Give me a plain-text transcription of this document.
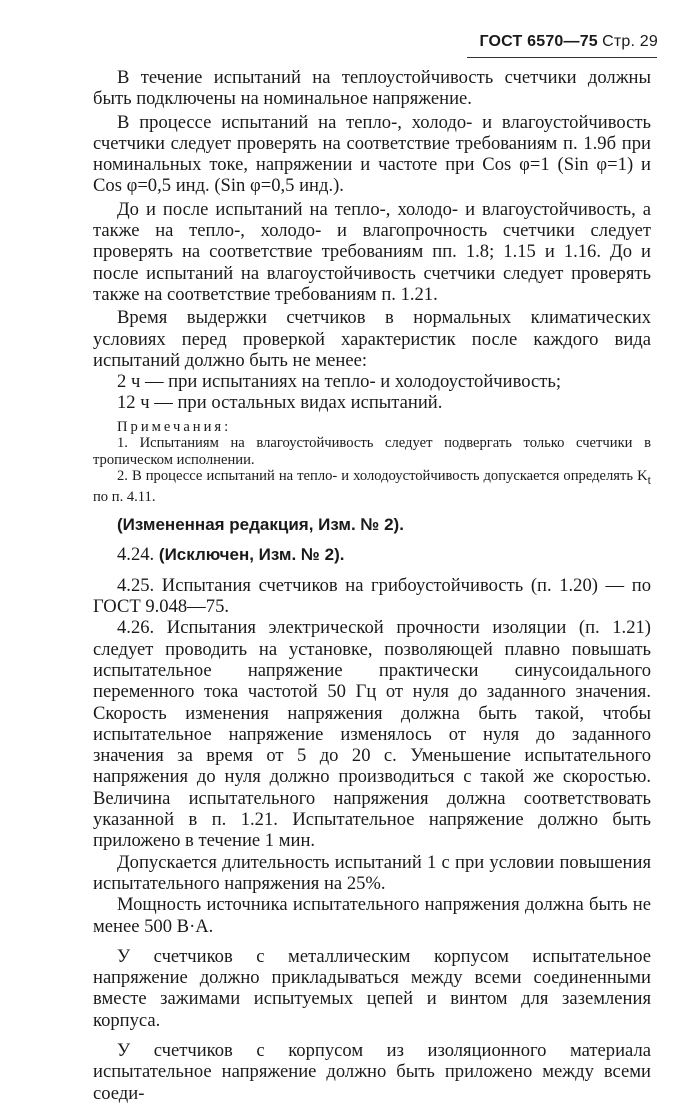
ГОСТ 6570—75 Стр. 29

В течение испытаний на теплоустойчивость счетчики должны быть подключены на номинальное напряжение.

В процессе испытаний на тепло-, холодо- и влагоустойчивость счетчики следует проверять на соответствие требованиям п. 1.9б при номинальных токе, напряжении и частоте при Cos φ=1 (Sin φ=1) и Cos φ=0,5 инд. (Sin φ=0,5 инд.).

До и после испытаний на тепло-, холодо- и влагоустойчивость, а также на тепло-, холодо- и влагопрочность счетчики следует проверять на соответствие требованиям пп. 1.8; 1.15 и 1.16. До и после испытаний на влагоустойчивость счетчики следует проверять также на соответствие требованиям п. 1.21.

Время выдержки счетчиков в нормальных климатических условиях перед проверкой характеристик после каждого вида испытаний должно быть не менее:

2 ч — при испытаниях на тепло- и холодоустойчивость;

12 ч — при остальных видах испытаний.

Примечания:

1. Испытаниям на влагоустойчивость следует подвергать только счетчики в тропическом исполнении.

2. В процессе испытаний на тепло- и холодоустойчивость допускается определять $K_t$ по п. 4.11.

(Измененная редакция, Изм. № 2).

4.24. (Исключен, Изм. № 2).

4.25. Испытания счетчиков на грибоустойчивость (п. 1.20) — по ГОСТ 9.048—75.

4.26. Испытания электрической прочности изоляции (п. 1.21) следует проводить на установке, позволяющей плавно повышать испытательное напряжение практически синусоидального переменного тока частотой 50 Гц от нуля до заданного значения. Скорость изменения напряжения должна быть такой, чтобы испытательное напряжение изменялось от нуля до заданного значения за время от 5 до 20 с. Уменьшение испытательного напряжения до нуля должно производиться с такой же скоростью. Величина испытательного напряжения должна соответствовать указанной в п. 1.21. Испытательное напряжение должно быть приложено в течение 1 мин.

Допускается длительность испытаний 1 с при условии повышения испытательного напряжения на 25%.

Мощность источника испытательного напряжения должна быть не менее 500 В·А.

У счетчиков с металлическим корпусом испытательное напряжение должно прикладываться между всеми соединенными вместе зажимами испытуемых цепей и винтом для заземления корпуса.

У счетчиков с корпусом из изоляционного материала испытательное напряжение должно быть приложено между всеми соеди-
